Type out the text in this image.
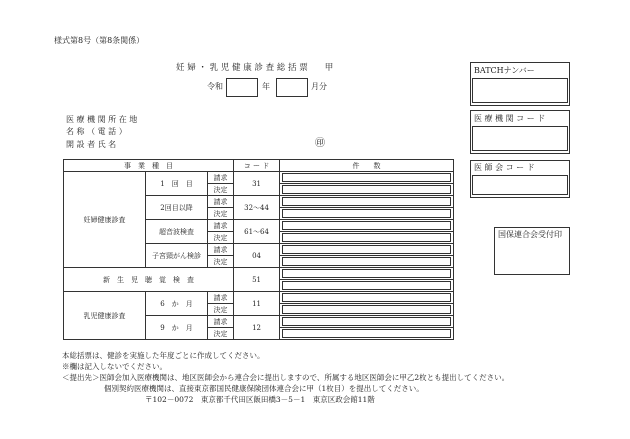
様式第8号（第8条関係）
妊 婦 ・ 乳 児 健 康 診 査 総 括 票　　甲
令和	年	月分
医 療 機 関 所 在 地
名 称 （ 電 話 ）
開 設 者 氏 名	㊞
BATCHナンバー
医 療 機 関 コ ー ド
医 師 会 コ ー ド
国保連合会受付印
事　業　種　目			コ ー ド	件　　数
妊婦健康診査	1　回　目	請求	31	

		決定		

	2回目以降	請求	32〜44	

		決定		

	超音波検査	請求	61〜64	

		決定		

	子宮頸がん検診	請求	04	

		決定		

新　生　児　聴　覚　検　査			51	

乳児健康診査	6　か　月	請求	11	

		決定		

	9　か　月	請求	12	

		決定		
本総括票は、健診を実施した年度ごとに作成してください。
※欄は記入しないでください。
＜提出先＞医師会加入医療機関は、地区医師会から連合会に提出しますので、所属する地区医師会に甲乙2枚とも提出してください。
個別契約医療機関は、直接東京都国民健康保険団体連合会に甲（1枚目）を提出してください。
〒102－0072　東京都千代田区飯田橋3－5－1　東京区政会館11階
